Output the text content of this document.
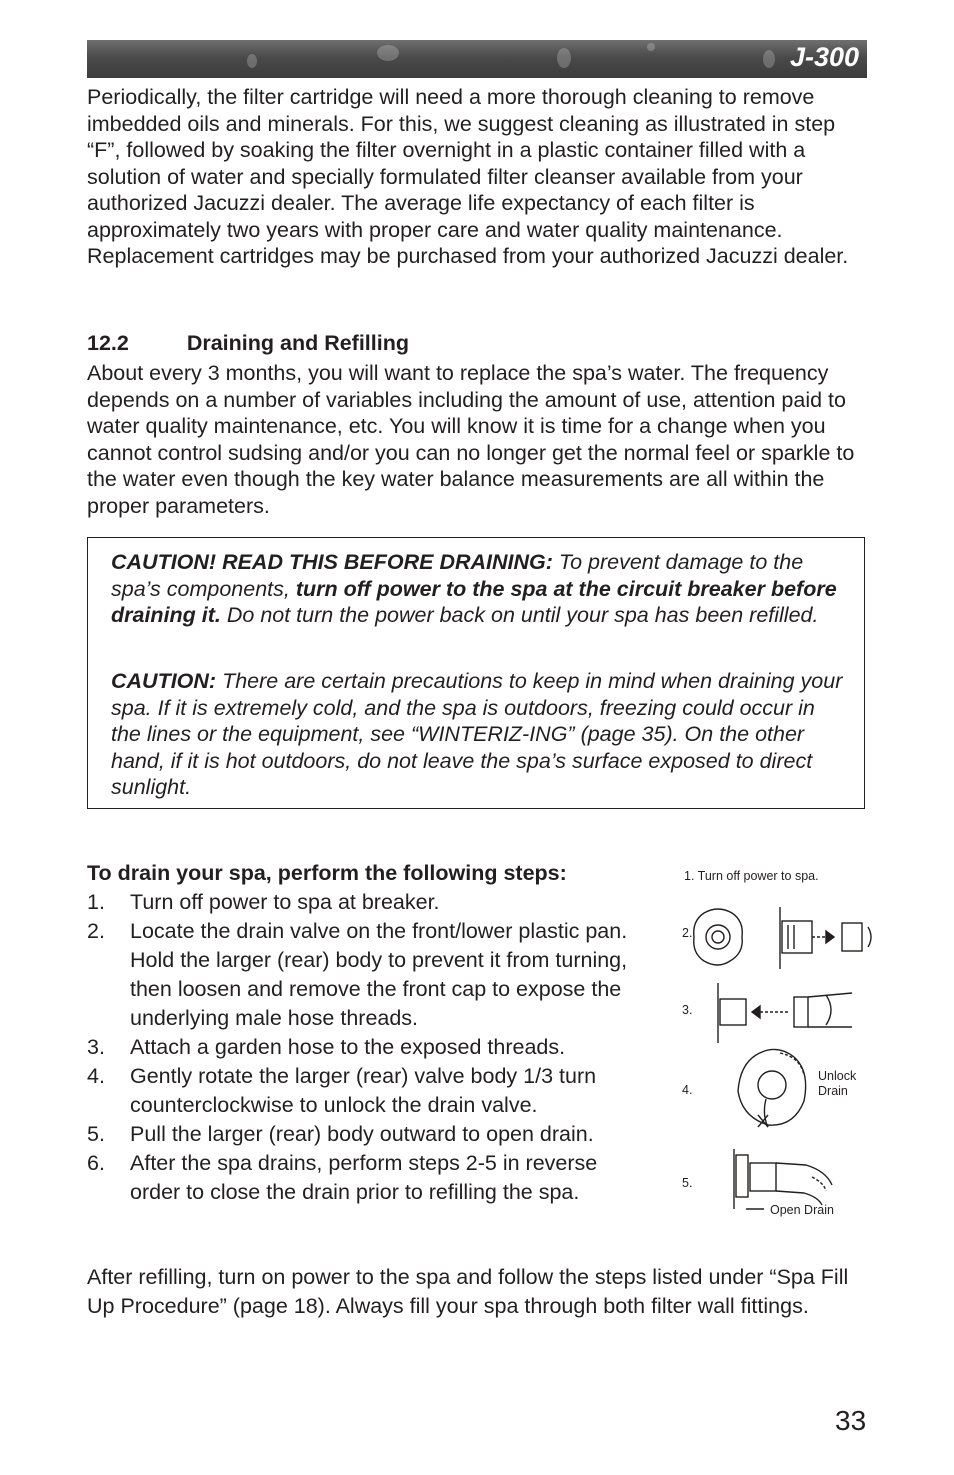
J-300

Periodically, the filter cartridge will need a more thorough cleaning to remove imbedded oils and minerals. For this, we suggest cleaning as illustrated in step “F”, followed by soaking the filter overnight in a plastic container filled with a solution of water and specially formulated filter cleanser available from your authorized Jacuzzi dealer. The average life expectancy of each filter is approximately two years with proper care and water quality maintenance. Replacement cartridges may be purchased from your authorized Jacuzzi dealer.

12.2	Draining and Refilling

About every 3 months, you will want to replace the spa’s water. The frequency depends on a number of variables including the amount of use, attention paid to water quality maintenance, etc. You will know it is time for a change when you cannot control sudsing and/or you can no longer get the normal feel or sparkle to the water even though the key water balance measurements are all within the proper parameters.

CAUTION! READ THIS BEFORE DRAINING: To prevent damage to the spa’s components, turn off power to the spa at the circuit breaker before draining it. Do not turn the power back on until your spa has been refilled.

CAUTION: There are certain precautions to keep in mind when draining your spa. If it is extremely cold, and the spa is outdoors, freezing could occur in the lines or the equipment, see “WINTERIZ-ING” (page 35). On the other hand, if it is hot outdoors, do not leave the spa’s surface exposed to direct sunlight.

To drain your spa, perform the following steps:
1. Turn off power to spa at breaker.
2. Locate the drain valve on the front/lower plastic pan. Hold the larger (rear) body to prevent it from turning, then loosen and remove the front cap to expose the underlying male hose threads.
3. Attach a garden hose to the exposed threads.
4. Gently rotate the larger (rear) valve body 1/3 turn counterclockwise to unlock the drain valve.
5. Pull the larger (rear) body outward to open drain.
6. After the spa drains, perform steps 2-5 in reverse order to close the drain prior to refilling the spa.
1. Turn off power to spa.
2.
3.
4.
Unlock
Drain
5.
Open Drain

After refilling, turn on power to the spa and follow the steps listed under “Spa Fill Up Procedure” (page 18). Always fill your spa through both filter wall fittings.

33
